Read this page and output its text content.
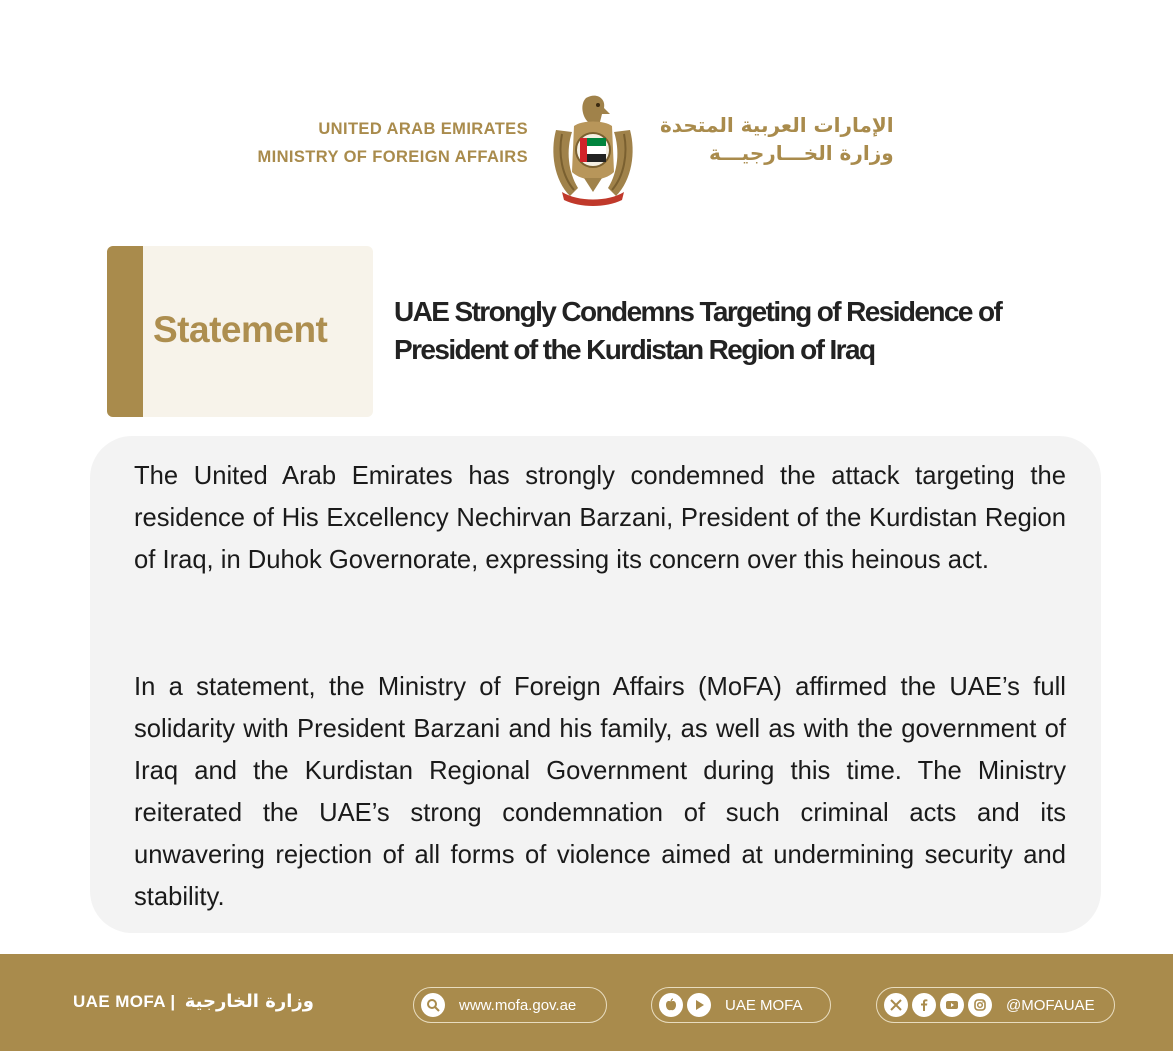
UNITED ARAB EMIRATES
MINISTRY OF FOREIGN AFFAIRS
الإمارات العربية المتحدة
وزارة الخـــارجيـــة
Statement UAE Strongly Condemns Targeting of Residence of President of the Kurdistan Region of Iraq

The United Arab Emirates has strongly condemned the attack targeting the residence of His Excellency Nechirvan Barzani, President of the Kurdistan Region of Iraq, in Duhok Governorate, expressing its concern over this heinous act.

In a statement, the Ministry of Foreign Affairs (MoFA) affirmed the UAE’s full solidarity with President Barzani and his family, as well as with the government of Iraq and the Kurdistan Regional Government during this time. The Ministry reiterated the UAE’s strong condemnation of such criminal acts and its unwavering rejection of all forms of violence aimed at undermining security and stability.

UAE MOFA | وزارة الخارجية	www.mofa.gov.ae	UAE MOFA	@MOFAUAE
